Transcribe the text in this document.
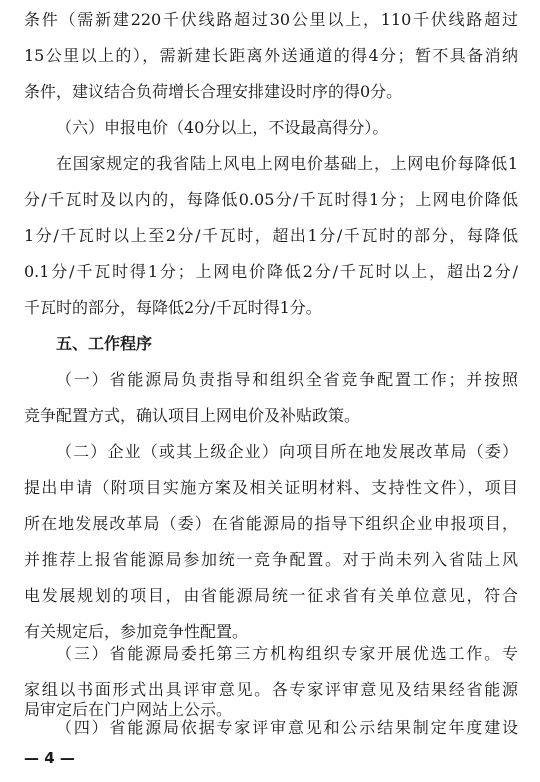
条件（需新建220千伏线路超过30公里以上，110千伏线路超过
15公里以上的），需新建长距离外送通道的得4分；暂不具备消纳
条件，建议结合负荷增长合理安排建设时序的得0分。
（六）申报电价（40分以上，不设最高得分）。
在国家规定的我省陆上风电上网电价基础上，上网电价每降低1
分/千瓦时及以内的，每降低0.05分/千瓦时得1分；上网电价降低
1分/千瓦时以上至2分/千瓦时，超出1分/千瓦时的部分，每降低
0.1分/千瓦时得1分；上网电价降低2分/千瓦时以上，超出2分/
千瓦时的部分，每降低2分/千瓦时得1分。
五、工作程序
（一）省能源局负责指导和组织全省竞争配置工作；并按照
竞争配置方式，确认项目上网电价及补贴政策。
（二）企业（或其上级企业）向项目所在地发展改革局（委）
提出申请（附项目实施方案及相关证明材料、支持性文件），项目
所在地发展改革局（委）在省能源局的指导下组织企业申报项目，
并推荐上报省能源局参加统一竞争配置。对于尚未列入省陆上风
电发展规划的项目，由省能源局统一征求省有关单位意见，符合
有关规定后，参加竞争性配置。
（三）省能源局委托第三方机构组织专家开展优选工作。专
家组以书面形式出具评审意见。各专家评审意见及结果经省能源
局审定后在门户网站上公示。
— 4 —
（四）省能源局依据专家评审意见和公示结果制定年度建设
